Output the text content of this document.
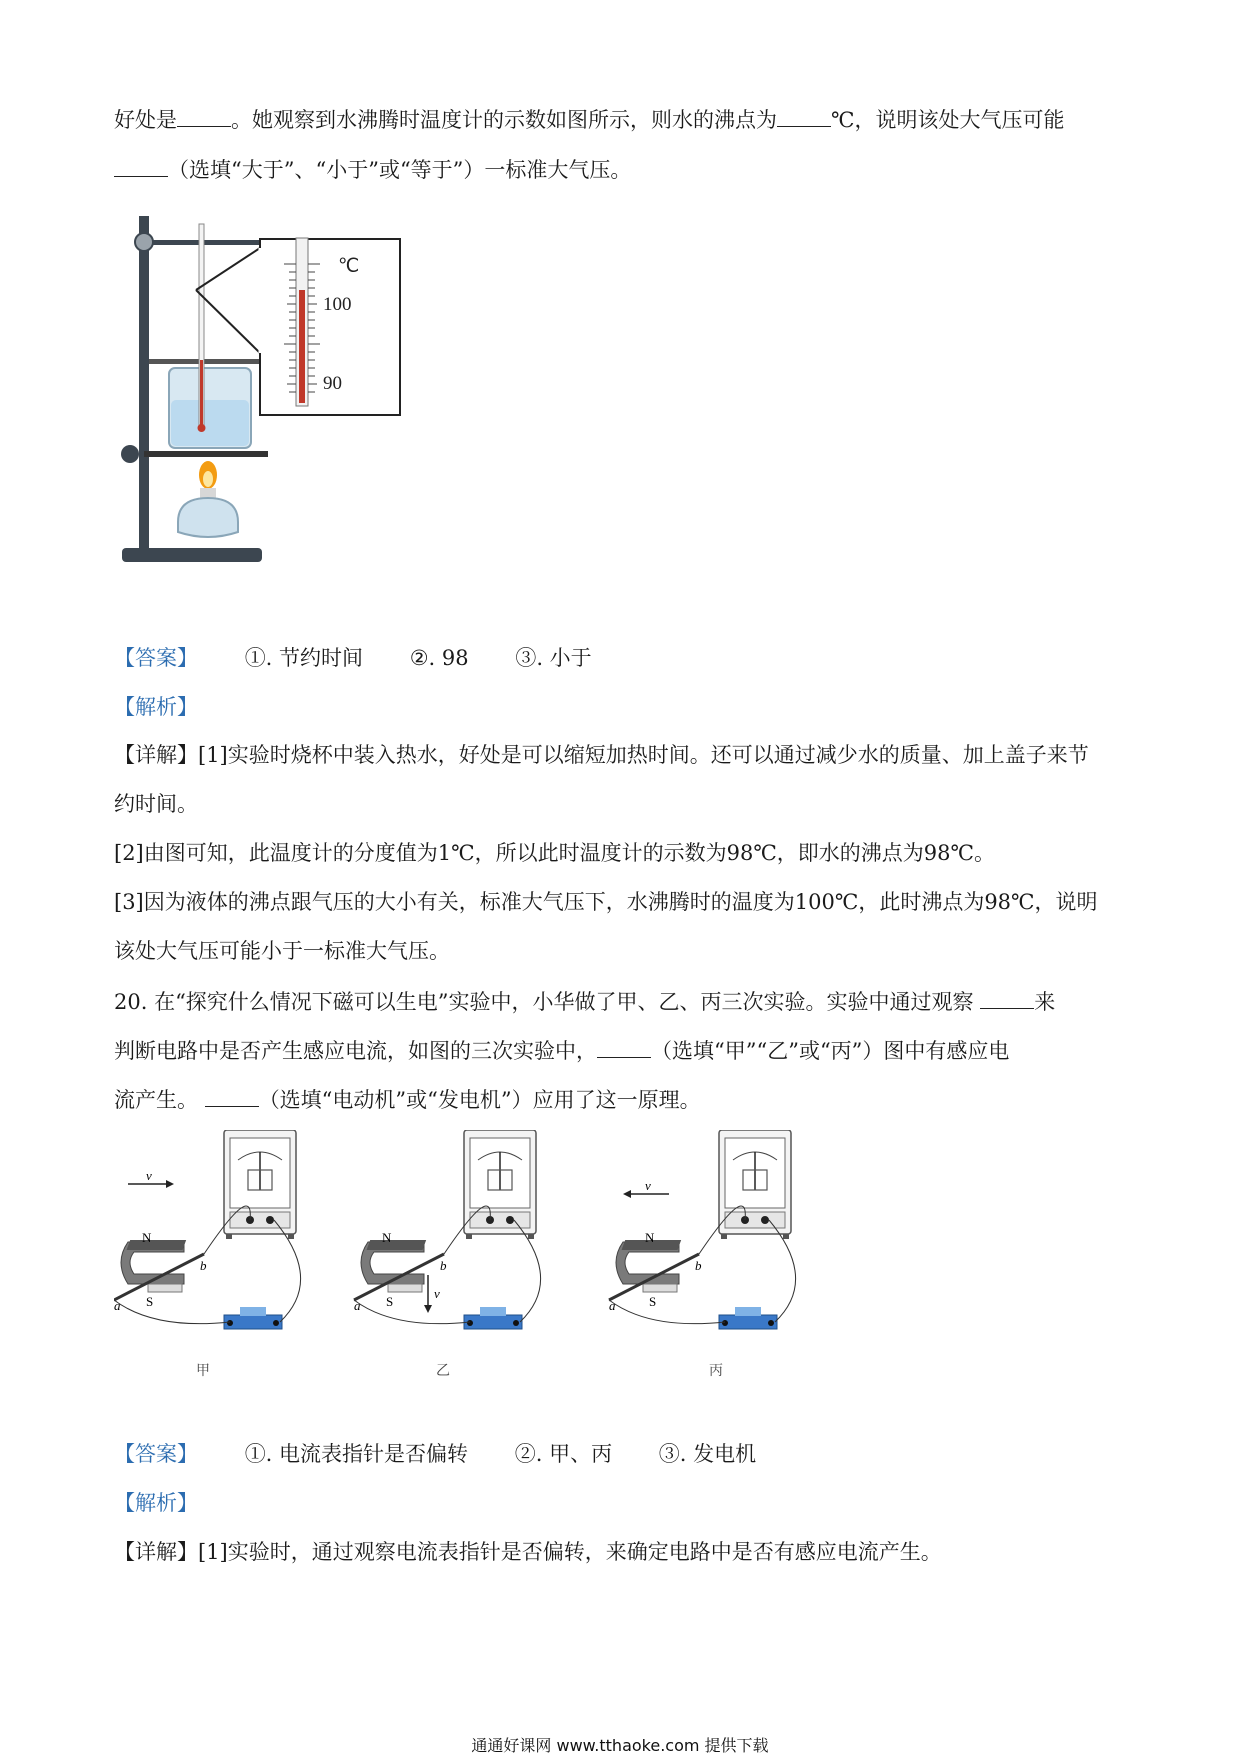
好处是	。她观察到水沸腾时温度计的示数如图所示，则水的沸点为	℃，说明该处大气压可能
（选填“大于”、“小于”或“等于”）一标准大气压。
℃
100
90
【答案】 ①. 节约时间 ②. 98 ③. 小于
【解析】
【详解】[1]实验时烧杯中装入热水，好处是可以缩短加热时间。还可以通过减少水的质量、加上盖子来节
约时间。
[2]由图可知，此温度计的分度值为1℃，所以此时温度计的示数为98℃，即水的沸点为98℃。
[3]因为液体的沸点跟气压的大小有关，标准大气压下，水沸腾时的温度为100℃，此时沸点为98℃，说明
该处大气压可能小于一标准大气压。
20. 在“探究什么情况下磁可以生电”实验中，小华做了甲、乙、丙三次实验。实验中通过观察	来
判断电路中是否产生感应电流，如图的三次实验中，	（选填“甲”“乙”或“丙”）图中有感应电
流产生。	（选填“电动机”或“发电机”）应用了这一原理。
v
N
S
a
b
甲
v
N
S
a
b
乙
v
N
S
a
b
丙
【答案】 ①. 电流表指针是否偏转 ②. 甲、丙 ③. 发电机
【解析】
【详解】[1]实验时，通过观察电流表指针是否偏转，来确定电路中是否有感应电流产生。
通通好课网 www.tthaoke.com 提供下载
